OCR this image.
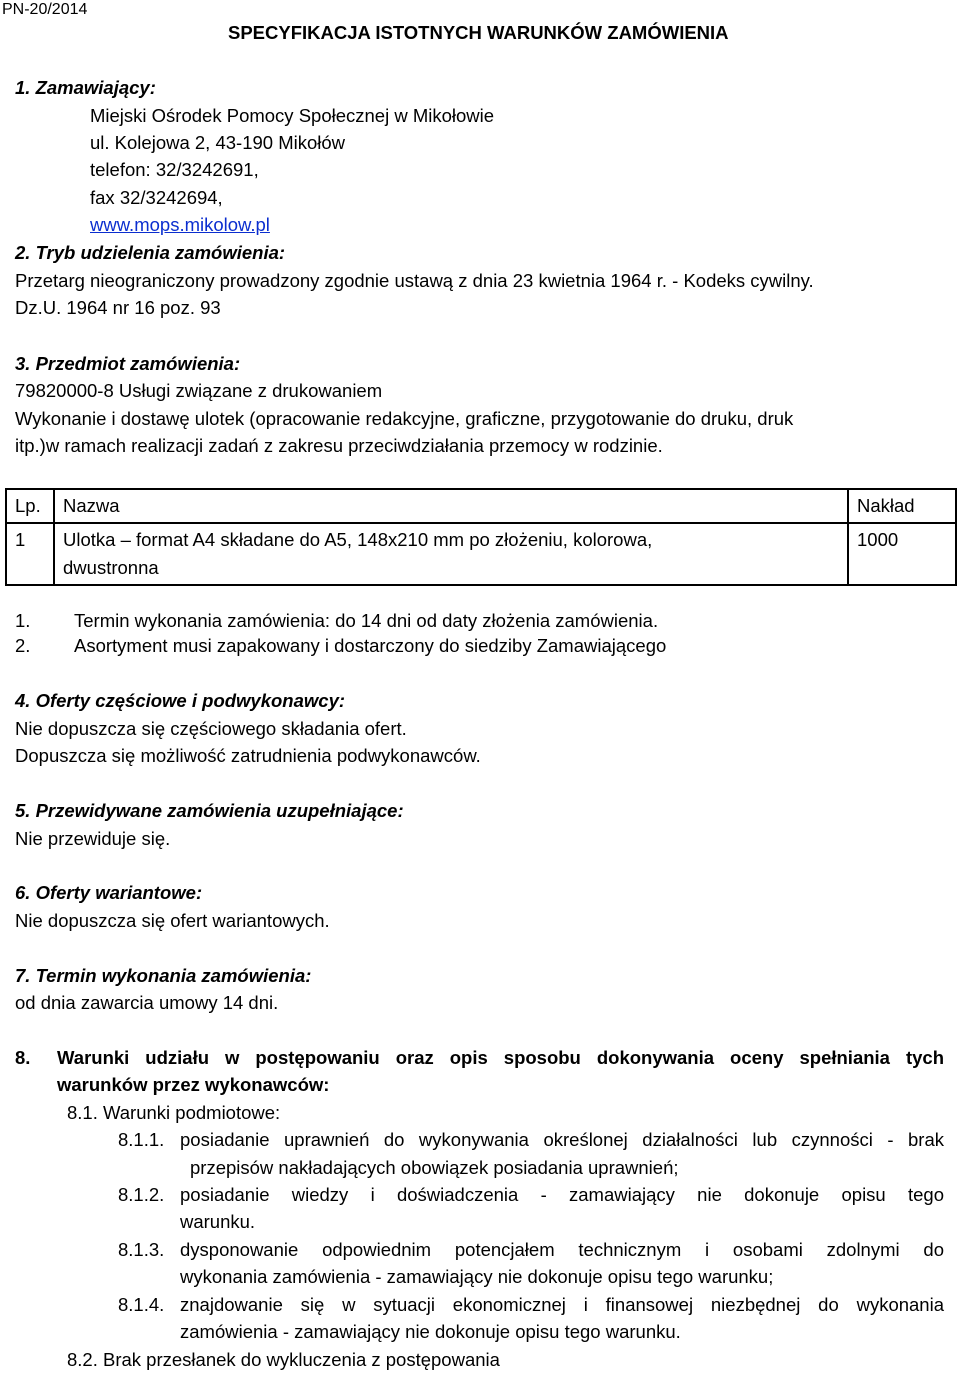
PN-20/2014
SPECYFIKACJA ISTOTNYCH WARUNKÓW ZAMÓWIENIA
1. Zamawiający:
Miejski Ośrodek Pomocy Społecznej w Mikołowie
ul. Kolejowa 2, 43-190 Mikołów
telefon: 32/3242691,
fax 32/3242694,
www.mops.mikolow.pl
2. Tryb udzielenia zamówienia:
Przetarg nieograniczony prowadzony zgodnie ustawą z dnia 23 kwietnia 1964 r. - Kodeks cywilny.
Dz.U. 1964 nr 16 poz. 93
3. Przedmiot zamówienia:
79820000-8 Usługi związane z drukowaniem
Wykonanie i dostawę ulotek (opracowanie redakcyjne, graficzne, przygotowanie do druku, druk
itp.)w ramach realizacji zadań z zakresu przeciwdziałania przemocy w rodzinie.
Lp.	Nazwa	Nakład
1	Ulotka – format A4 składane do A5, 148x210 mm po złożeniu, kolorowa,
dwustronna	1000
1. Termin wykonania zamówienia: do 14 dni od daty złożenia zamówienia.
2. Asortyment musi zapakowany i dostarczony do siedziby Zamawiającego
4. Oferty częściowe i podwykonawcy:
Nie dopuszcza się częściowego składania ofert.
Dopuszcza się możliwość zatrudnienia podwykonawców.
5. Przewidywane zamówienia uzupełniające:
Nie przewiduje się.
6. Oferty wariantowe:
Nie dopuszcza się ofert wariantowych.
7. Termin wykonania zamówienia:
od dnia zawarcia umowy 14 dni.
8. Warunki udziału w postępowaniu oraz opis sposobu dokonywania oceny spełniania tych
warunków przez wykonawców:
8.1. Warunki podmiotowe:
8.1.1. posiadanie uprawnień do wykonywania określonej działalności lub czynności - brak
przepisów nakładających obowiązek posiadania uprawnień;
8.1.2. posiadanie wiedzy i doświadczenia - zamawiający nie dokonuje opisu tego
warunku.
8.1.3. dysponowanie odpowiednim potencjałem technicznym i osobami zdolnymi do
wykonania zamówienia - zamawiający nie dokonuje opisu tego warunku;
8.1.4. znajdowanie się w sytuacji ekonomicznej i finansowej niezbędnej do wykonania
zamówienia - zamawiający nie dokonuje opisu tego warunku.
8.2. Brak przesłanek do wykluczenia z postępowania
